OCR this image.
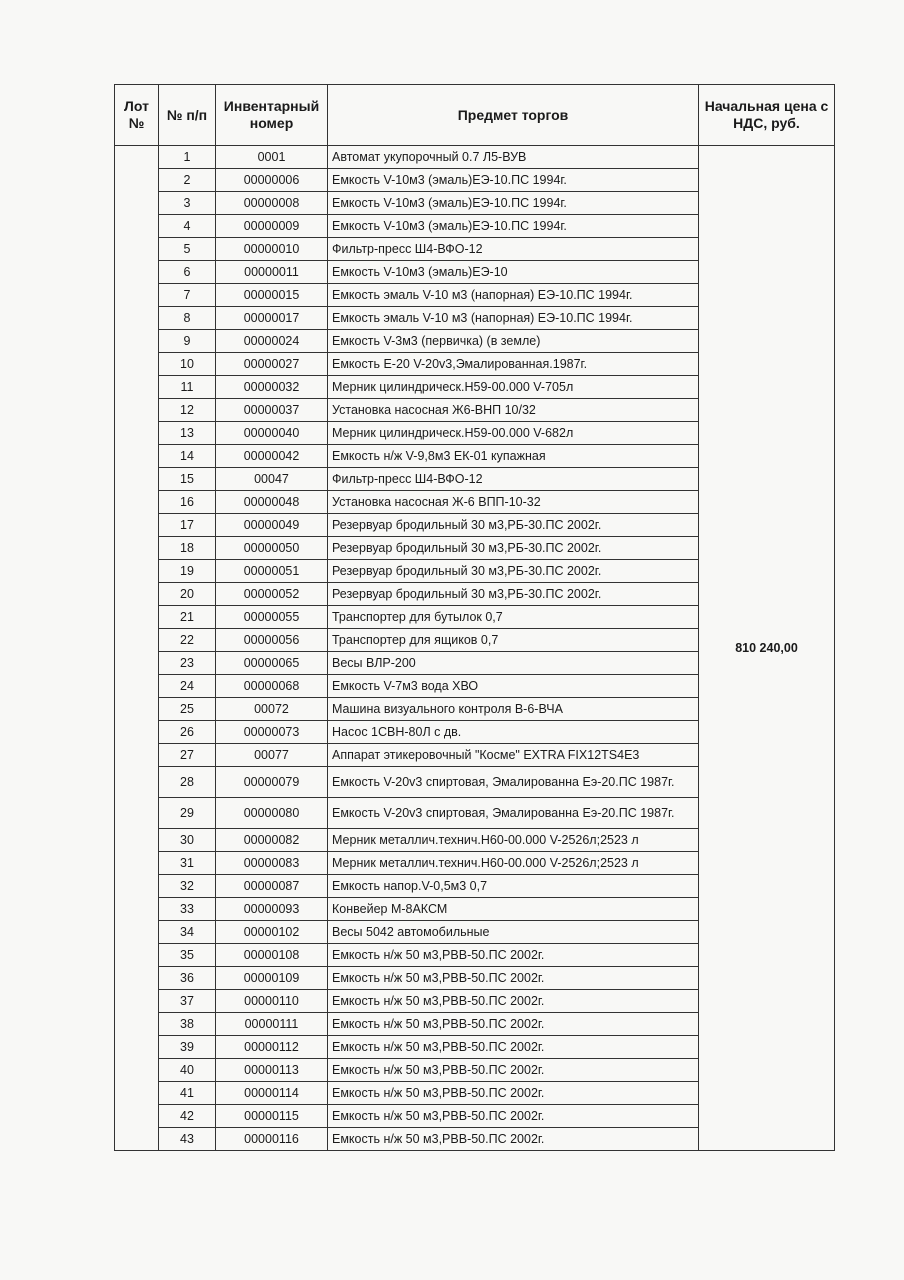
Лот №	№ п/п	Инвентарный номер	Предмет торгов	Начальная цена с НДС, руб.
	1	0001	Автомат укупорочный 0.7 Л5-ВУВ	810 240,00
	2	00000006	Емкость V-10м3 (эмаль)ЕЭ-10.ПС 1994г.	
	3	00000008	Емкость V-10м3 (эмаль)ЕЭ-10.ПС 1994г.	
	4	00000009	Емкость V-10м3 (эмаль)ЕЭ-10.ПС 1994г.	
	5	00000010	Фильтр-пресс Ш4-ВФО-12	
	6	00000011	Емкость V-10м3 (эмаль)ЕЭ-10	
	7	00000015	Емкость эмаль V-10 м3 (напорная) ЕЭ-10.ПС 1994г.	
	8	00000017	Емкость эмаль V-10 м3 (напорная) ЕЭ-10.ПС 1994г.	
	9	00000024	Емкость V-3м3 (первичка) (в земле)	
	10	00000027	Емкость Е-20 V-20v3,Эмалированная.1987г.	
	11	00000032	Мерник цилиндрическ.Н59-00.000 V-705л	
	12	00000037	Установка насосная Ж6-ВНП 10/32	
	13	00000040	Мерник цилиндрическ.Н59-00.000 V-682л	
	14	00000042	Емкость н/ж V-9,8м3 ЕК-01 купажная	
	15	00047	Фильтр-пресс Ш4-ВФО-12	
	16	00000048	Установка насосная Ж-6 ВПП-10-32	
	17	00000049	Резервуар бродильный 30 м3,РБ-30.ПС 2002г.	
	18	00000050	Резервуар бродильный 30 м3,РБ-30.ПС 2002г.	
	19	00000051	Резервуар бродильный 30 м3,РБ-30.ПС 2002г.	
	20	00000052	Резервуар бродильный 30 м3,РБ-30.ПС 2002г.	
	21	00000055	Транспортер для бутылок 0,7	
	22	00000056	Транспортер для ящиков 0,7	
	23	00000065	Весы ВЛР-200	
	24	00000068	Емкость V-7м3 вода ХВО	
	25	00072	Машина визуального контроля В-6-ВЧА	
	26	00000073	Насос 1СВН-80Л с дв.	
	27	00077	Аппарат этикеровочный "Косме" EXTRA FIX12TS4E3	
	28	00000079	Емкость V-20v3 спиртовая, Эмалированна Еэ-20.ПС 1987г.	
	29	00000080	Емкость V-20v3 спиртовая, Эмалированна Еэ-20.ПС 1987г.	
	30	00000082	Мерник металлич.технич.Н60-00.000 V-2526л;2523 л	
	31	00000083	Мерник металлич.технич.Н60-00.000 V-2526л;2523 л	
	32	00000087	Емкость напор.V-0,5м3 0,7	
	33	00000093	Конвейер М-8АКСМ	
	34	00000102	Весы 5042 автомобильные	
	35	00000108	Емкость н/ж 50 м3,РВВ-50.ПС 2002г.	
	36	00000109	Емкость н/ж 50 м3,РВВ-50.ПС 2002г.	
	37	00000110	Емкость н/ж 50 м3,РВВ-50.ПС 2002г.	
	38	00000111	Емкость н/ж 50 м3,РВВ-50.ПС 2002г.	
	39	00000112	Емкость н/ж 50 м3,РВВ-50.ПС 2002г.	
	40	00000113	Емкость н/ж 50 м3,РВВ-50.ПС 2002г.	
	41	00000114	Емкость н/ж 50 м3,РВВ-50.ПС 2002г.	
	42	00000115	Емкость н/ж 50 м3,РВВ-50.ПС 2002г.	
	43	00000116	Емкость н/ж 50 м3,РВВ-50.ПС 2002г.	
